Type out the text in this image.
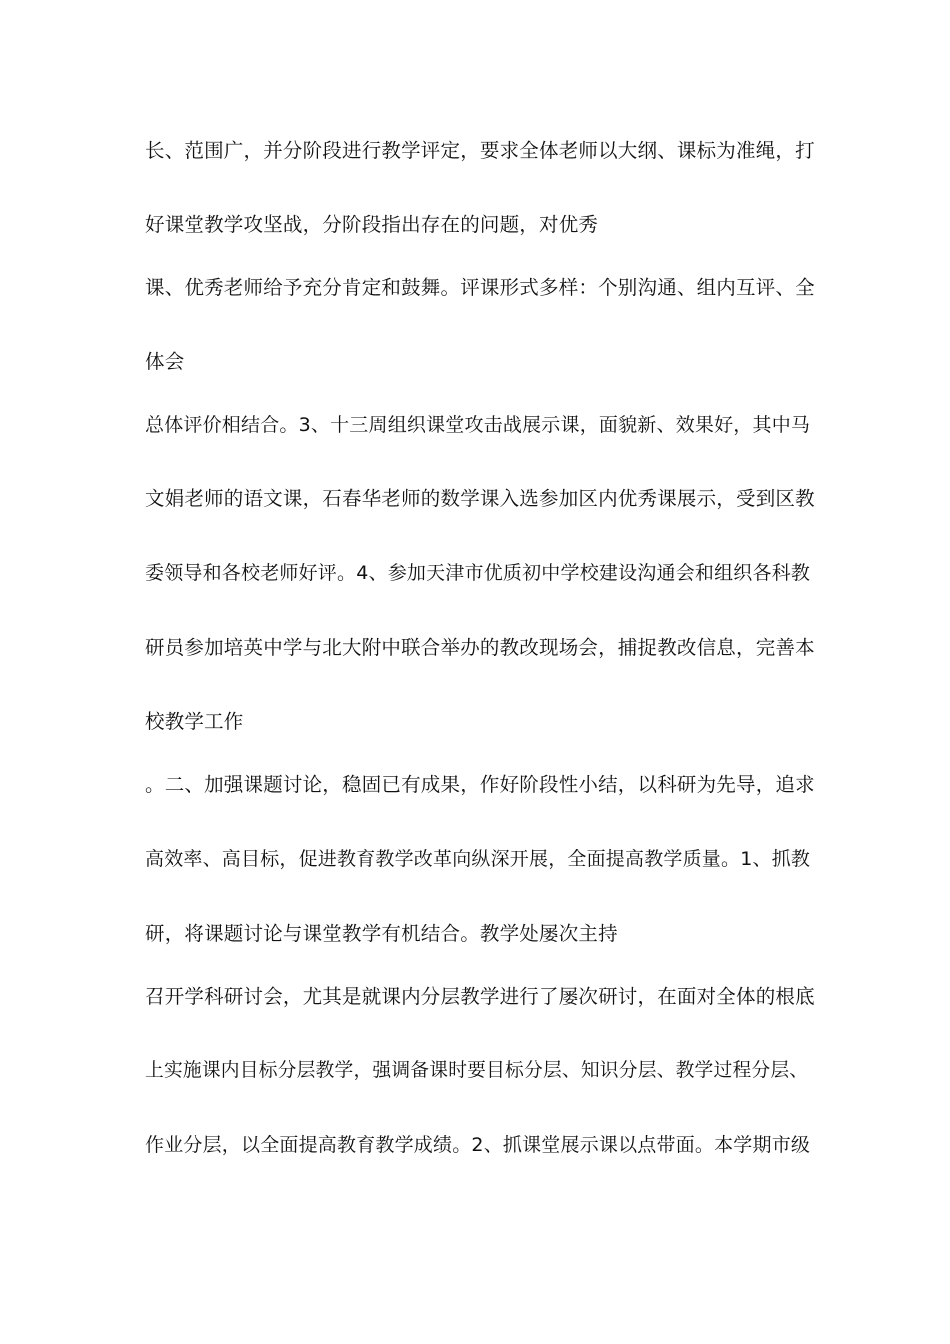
长、范围广，并分阶段进行教学评定，要求全体老师以大纲、课标为准绳，打

好课堂教学攻坚战，分阶段指出存在的问题，对优秀

课、优秀老师给予充分肯定和鼓舞。评课形式多样：个别沟通、组内互评、全

体会

总体评价相结合。3、十三周组织课堂攻击战展示课，面貌新、效果好，其中马

文娟老师的语文课，石春华老师的数学课入选参加区内优秀课展示，受到区教

委领导和各校老师好评。4、参加天津市优质初中学校建设沟通会和组织各科教

研员参加培英中学与北大附中联合举办的教改现场会，捕捉教改信息，完善本

校教学工作

。二、加强课题讨论，稳固已有成果，作好阶段性小结，以科研为先导，追求

高效率、高目标，促进教育教学改革向纵深开展，全面提高教学质量。1、抓教

研，将课题讨论与课堂教学有机结合。教学处屡次主持

召开学科研讨会，尤其是就课内分层教学进行了屡次研讨，在面对全体的根底

上实施课内目标分层教学，强调备课时要目标分层、知识分层、教学过程分层、

作业分层，以全面提高教育教学成绩。2、抓课堂展示课以点带面。本学期市级
